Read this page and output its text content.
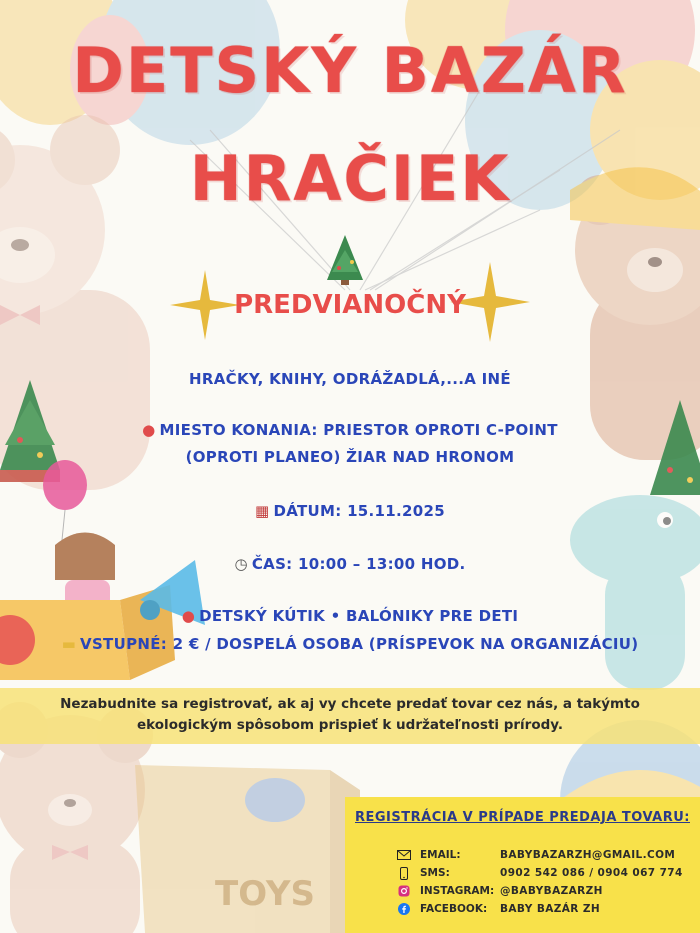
TOYS
DETSKÝ BAZÁR
HRAČIEK
PREDVIANOČNÝ
HRAČKY, KNIHY, ODRÁŽADLÁ,...A INÉ
● MIESTO KONANIA: PRIESTOR OPROTI C-POINT
(OPROTI PLANEO) ŽIAR NAD HRONOM
▦ DÁTUM: 15.11.2025
◷ ČAS: 10:00 – 13:00 HOD.
● DETSKÝ KÚTIK • BALÓNIKY PRE DETI
▬ VSTUPNÉ: 2 € / DOSPELÁ OSOBA (PRÍSPEVOK NA ORGANIZÁCIU)
Nezabudnite sa registrovať, ak aj vy chcete predať tovar cez nás, a takýmto ekologickým spôsobom prispieť k udržateľnosti prírody.
REGISTRÁCIA V PRÍPADE PREDAJA TOVARU:
EMAIL:	BABYBAZARZH@GMAIL.COM
SMS:	0902 542 086 / 0904 067 774
INSTAGRAM: @BABYBAZARZH
FACEBOOK:	BABY BAZÁR ZH
